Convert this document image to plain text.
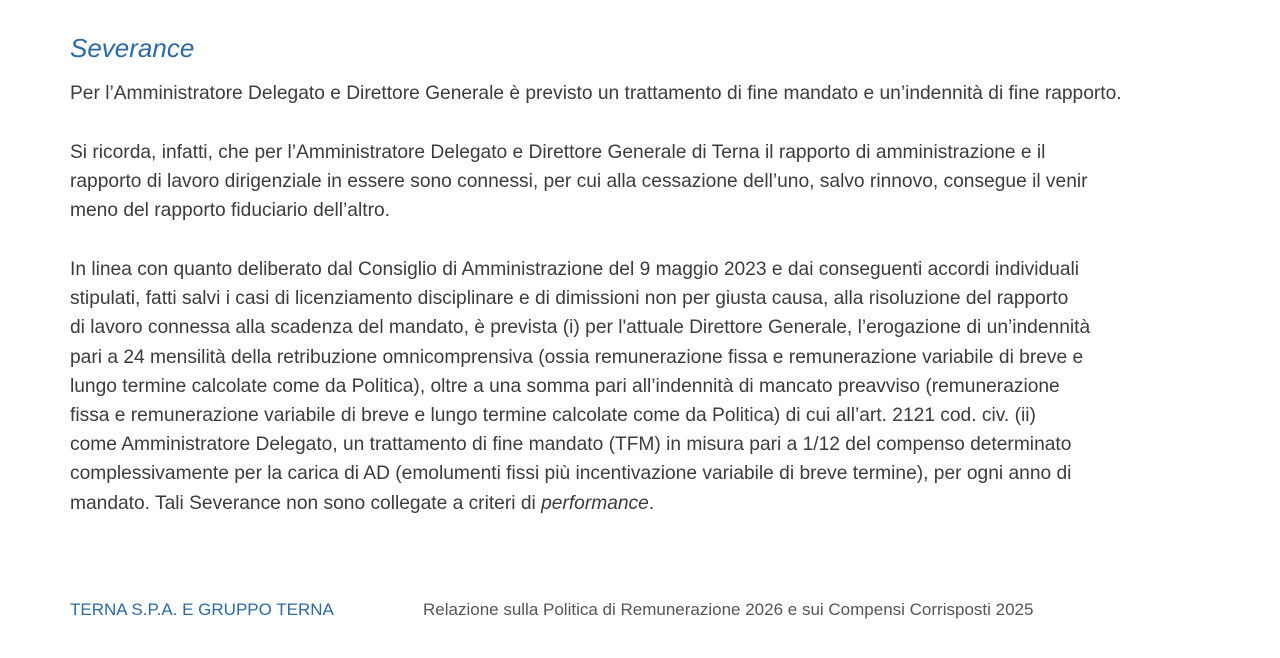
Severance

Per l’Amministratore Delegato e Direttore Generale è previsto un trattamento di fine mandato e un’indennità di fine rapporto.

Si ricorda, infatti, che per l’Amministratore Delegato e Direttore Generale di Terna il rapporto di amministrazione e il
rapporto di lavoro dirigenziale in essere sono connessi, per cui alla cessazione dell’uno, salvo rinnovo, consegue il venir
meno del rapporto fiduciario dell’altro.

In linea con quanto deliberato dal Consiglio di Amministrazione del 9 maggio 2023 e dai conseguenti accordi individuali
stipulati, fatti salvi i casi di licenziamento disciplinare e di dimissioni non per giusta causa, alla risoluzione del rapporto
di lavoro connessa alla scadenza del mandato, è prevista (i) per l'attuale Direttore Generale, l’erogazione di un’indennità
pari a 24 mensilità della retribuzione omnicomprensiva (ossia remunerazione fissa e remunerazione variabile di breve e
lungo termine calcolate come da Politica), oltre a una somma pari all’indennità di mancato preavviso (remunerazione
fissa e remunerazione variabile di breve e lungo termine calcolate come da Politica) di cui all’art. 2121 cod. civ. (ii)
come Amministratore Delegato, un trattamento di fine mandato (TFM) in misura pari a 1/12 del compenso determinato
complessivamente per la carica di AD (emolumenti fissi più incentivazione variabile di breve termine), per ogni anno di
mandato. Tali Severance non sono collegate a criteri di performance.

TERNA S.P.A. E GRUPPO TERNA	Relazione sulla Politica di Remunerazione 2026 e sui Compensi Corrisposti 2025
